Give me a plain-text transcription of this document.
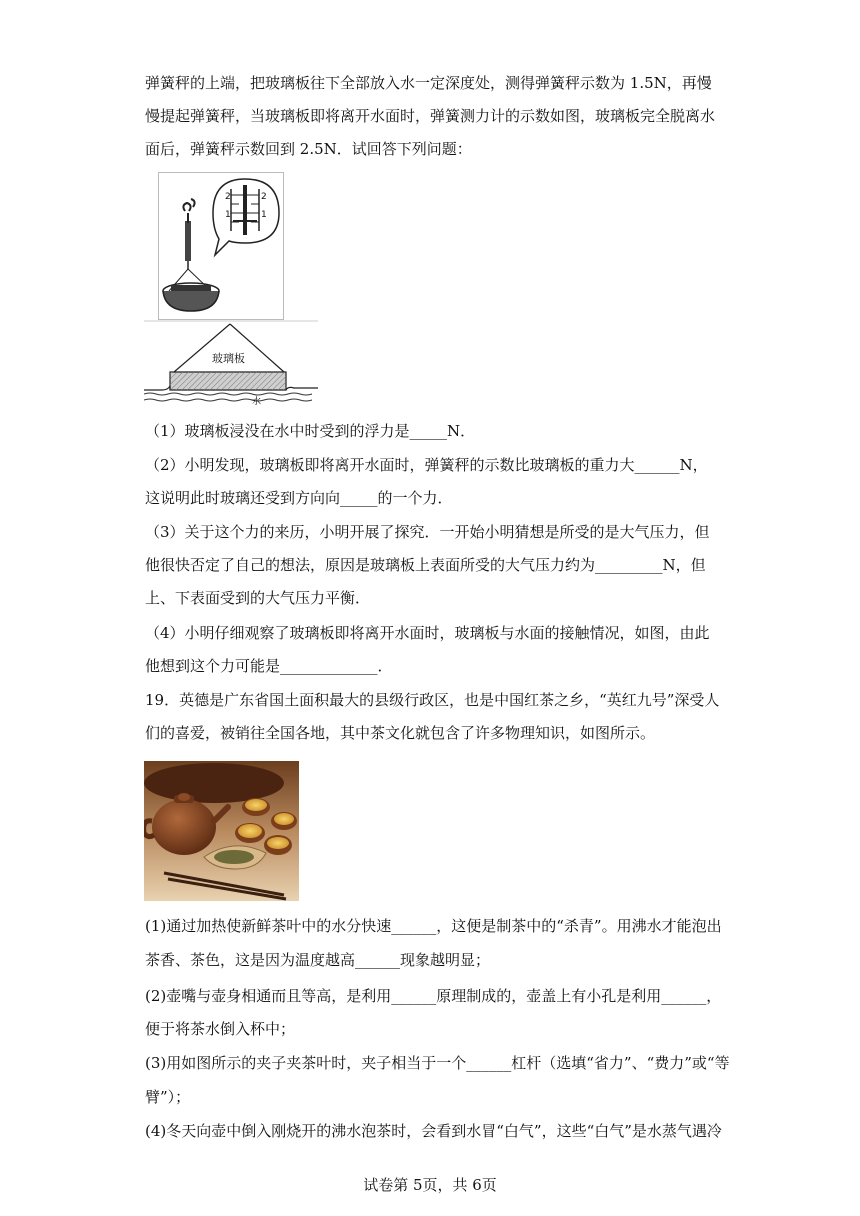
弹簧秤的上端，把玻璃板往下全部放入水一定深度处，测得弹簧秤示数为 1.5N，再慢
慢提起弹簧秤，当玻璃板即将离开水面时，弹簧测力计的示数如图，玻璃板完全脱离水
面后，弹簧秤示数回到 2.5N．试回答下列问题：
2
1
2
1
玻璃板
水
（1）玻璃板浸没在水中时受到的浮力是_____N．
（2）小明发现，玻璃板即将离开水面时，弹簧秤的示数比玻璃板的重力大______N，
这说明此时玻璃还受到方向向_____的一个力．
（3）关于这个力的来历，小明开展了探究．一开始小明猜想是所受的是大气压力，但
他很快否定了自己的想法，原因是玻璃板上表面所受的大气压力约为_________N，但
上、下表面受到的大气压力平衡．
（4）小明仔细观察了玻璃板即将离开水面时，玻璃板与水面的接触情况，如图，由此
他想到这个力可能是_____________．
19．英德是广东省国土面积最大的县级行政区，也是中国红茶之乡，“英红九号”深受人
们的喜爱，被销往全国各地，其中茶文化就包含了许多物理知识，如图所示。
(1)通过加热使新鲜茶叶中的水分快速______，这便是制茶中的“杀青”。用沸水才能泡出
茶香、茶色，这是因为温度越高______现象越明显；
(2)壶嘴与壶身相通而且等高，是利用______原理制成的，壶盖上有小孔是利用______，
便于将茶水倒入杯中；
(3)用如图所示的夹子夹茶叶时，夹子相当于一个______杠杆（选填“省力”、“费力”或“等
臂”）；
(4)冬天向壶中倒入刚烧开的沸水泡茶时，会看到水冒“白气”，这些“白气”是水蒸气遇冷
试卷第 5页，共 6页
